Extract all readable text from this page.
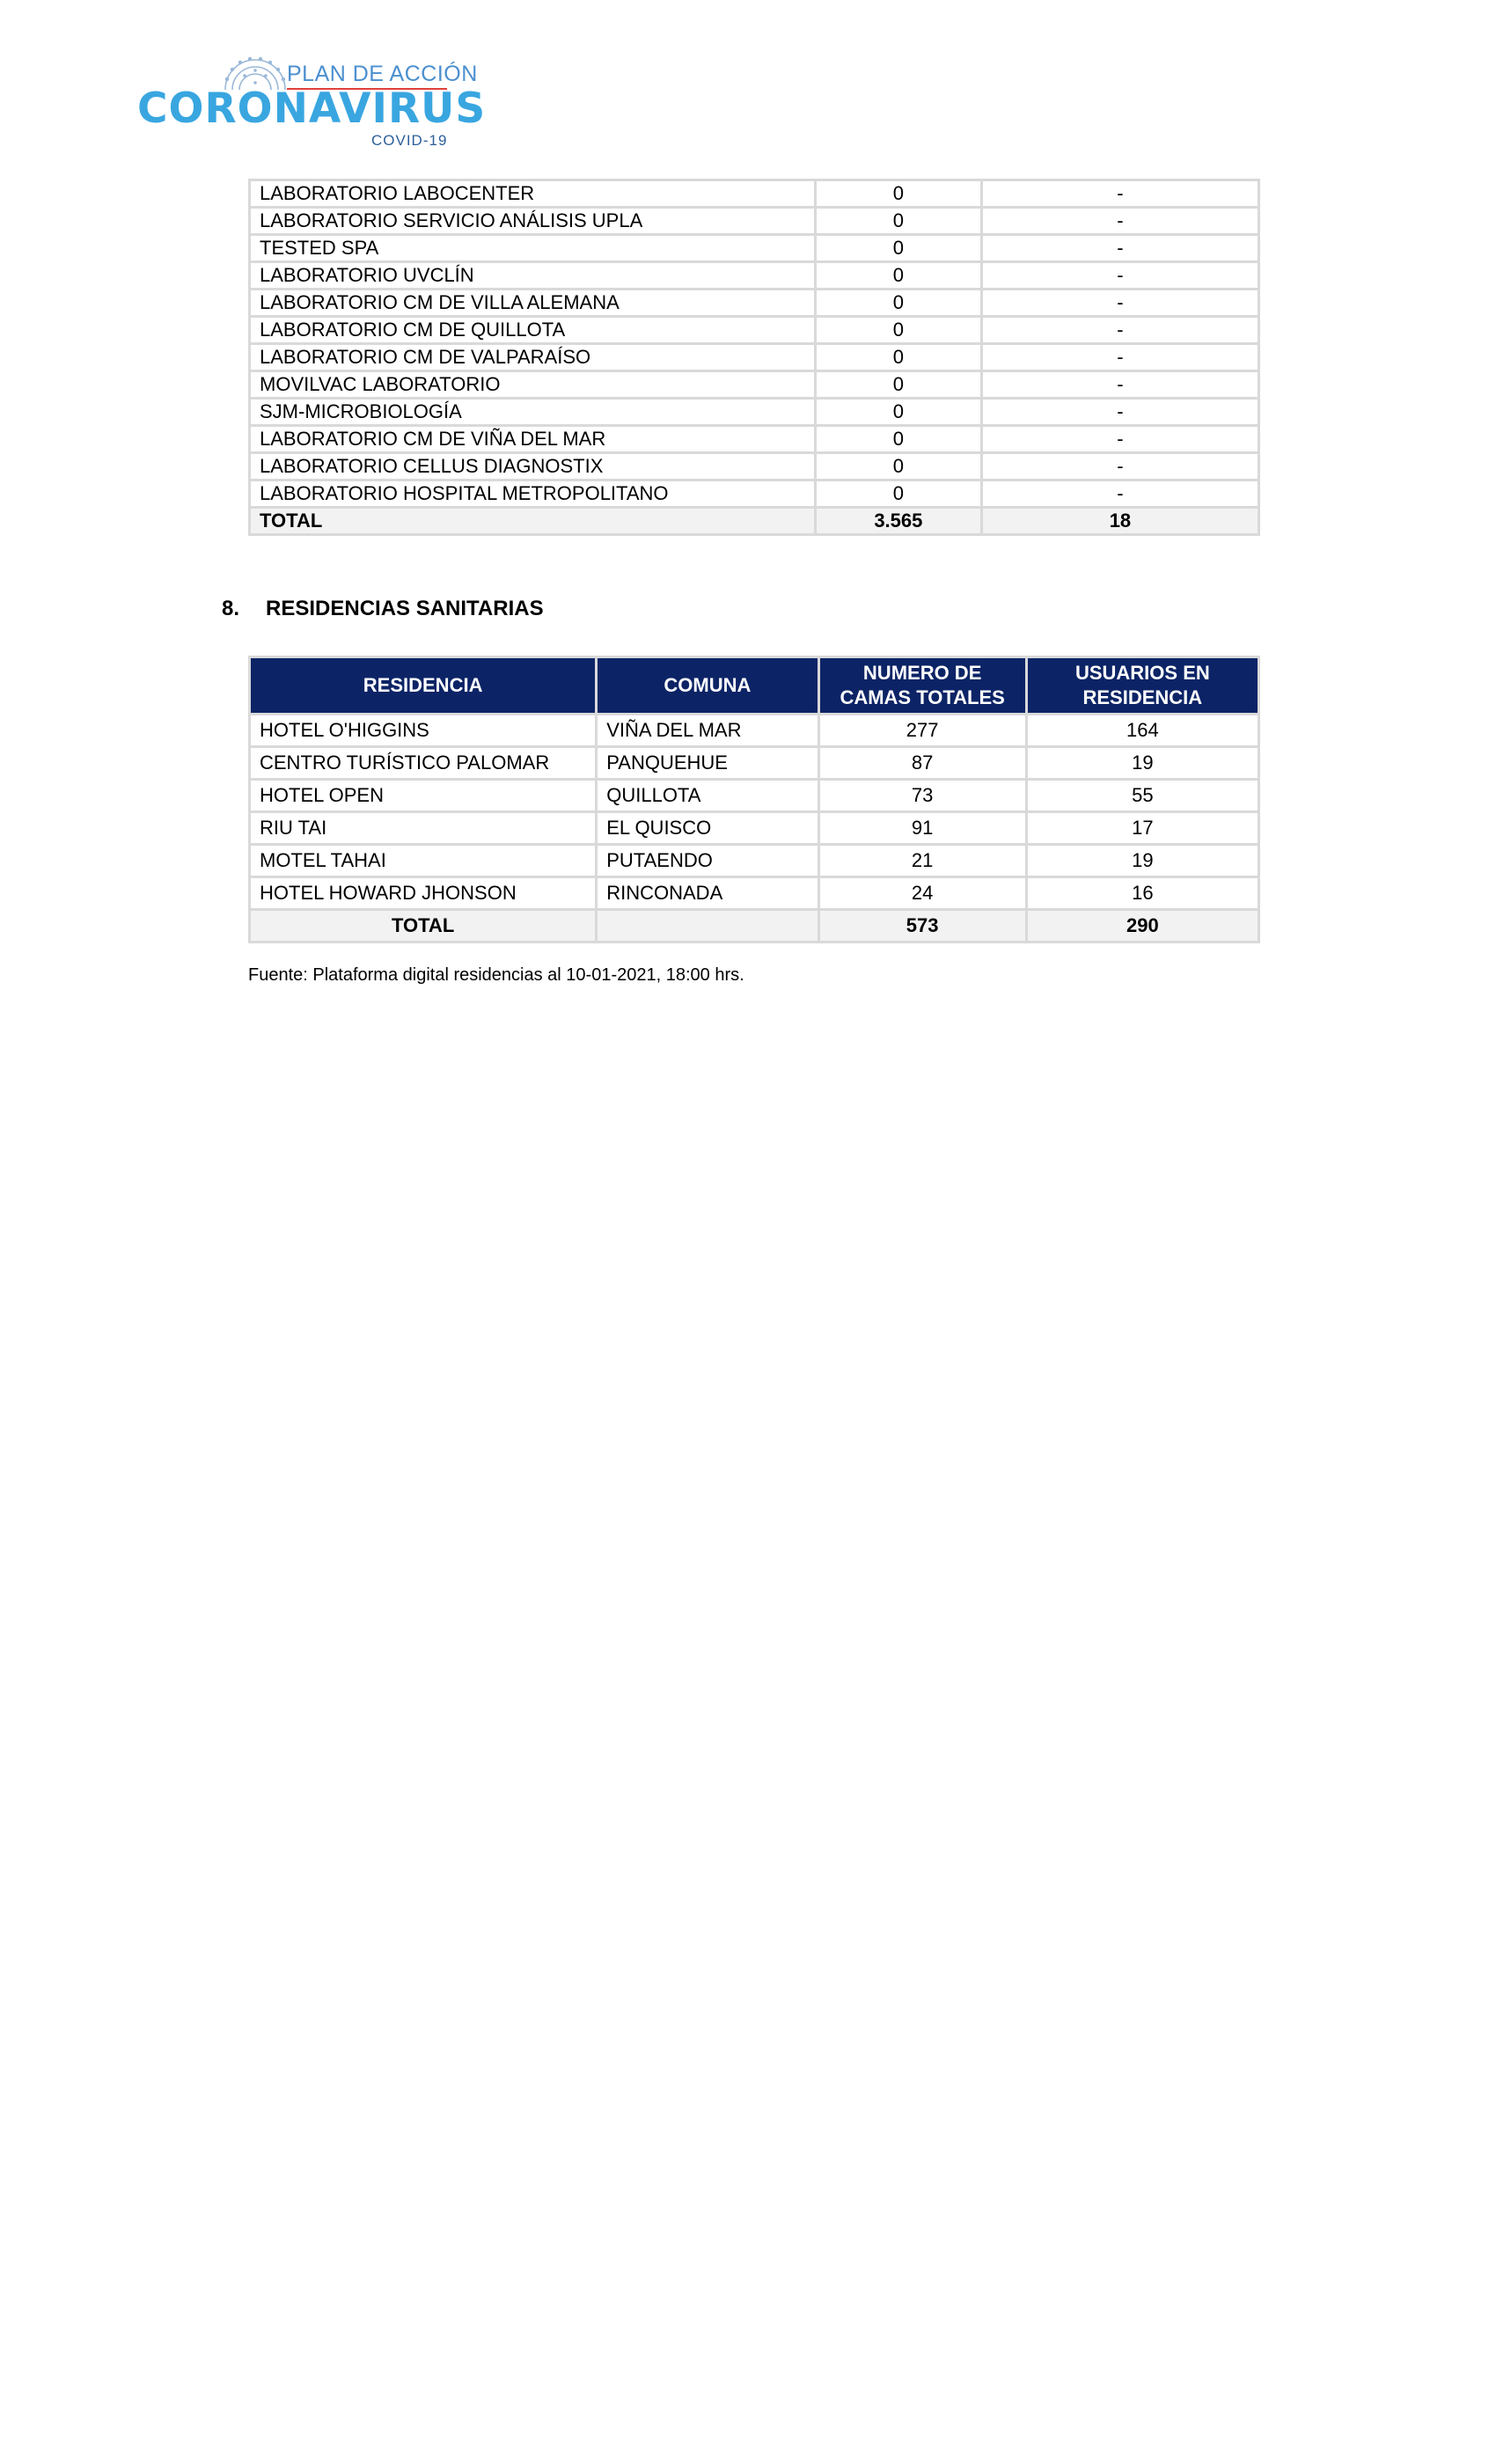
PLAN DE ACCIÓN
CORONAVIRUS
COVID-19
LABORATORIO LABOCENTER	0	-
LABORATORIO SERVICIO ANÁLISIS UPLA	0	-
TESTED SPA	0	-
LABORATORIO UVCLÍN	0	-
LABORATORIO CM DE VILLA ALEMANA	0	-
LABORATORIO CM DE QUILLOTA	0	-
LABORATORIO CM DE VALPARAÍSO	0	-
MOVILVAC LABORATORIO	0	-
SJM-MICROBIOLOGÍA	0	-
LABORATORIO CM DE VIÑA DEL MAR	0	-
LABORATORIO CELLUS DIAGNOSTIX	0	-
LABORATORIO HOSPITAL METROPOLITANO	0	-
TOTAL	3.565	18
8. RESIDENCIAS SANITARIAS
RESIDENCIA	COMUNA	NUMERO DE CAMAS TOTALES	USUARIOS EN RESIDENCIA
HOTEL O'HIGGINS	VIÑA DEL MAR	277	164
CENTRO TURÍSTICO PALOMAR	PANQUEHUE	87	19
HOTEL OPEN	QUILLOTA	73	55
RIU TAI	EL QUISCO	91	17
MOTEL TAHAI	PUTAENDO	21	19
HOTEL HOWARD JHONSON	RINCONADA	24	16
TOTAL		573	290
Fuente: Plataforma digital residencias al 10-01-2021, 18:00 hrs.
